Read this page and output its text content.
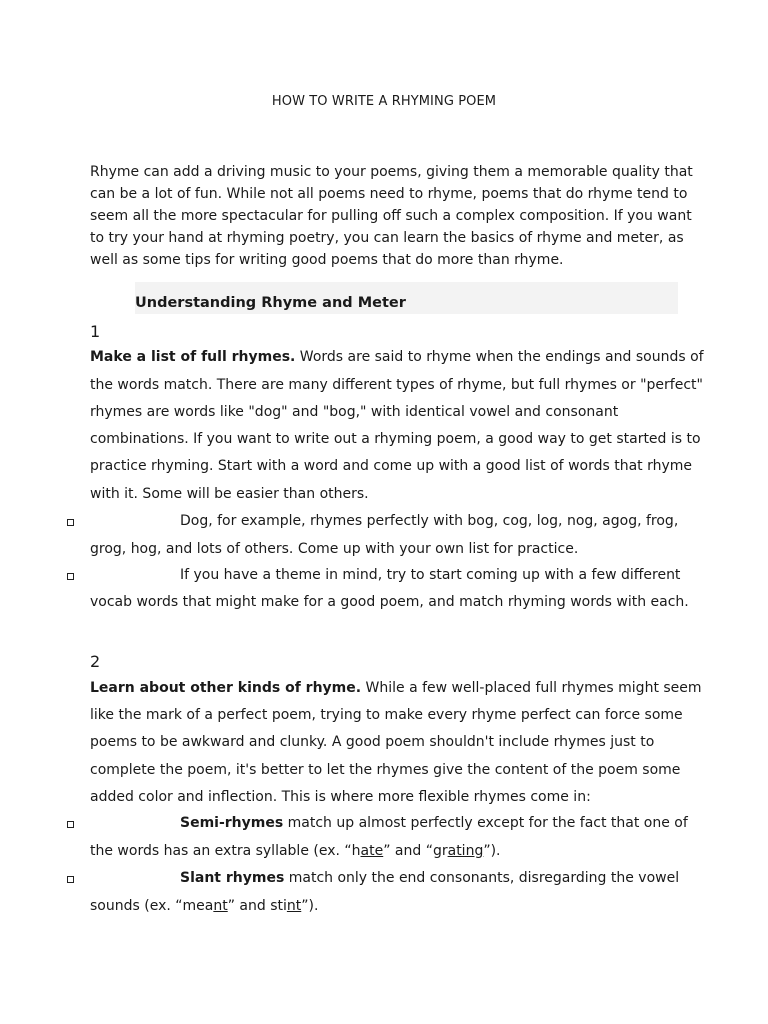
HOW TO WRITE A RHYMING POEM
Rhyme can add a driving music to your poems, giving them a memorable quality that
can be a lot of fun. While not all poems need to rhyme, poems that do rhyme tend to
seem all the more spectacular for pulling off such a complex composition. If you want
to try your hand at rhyming poetry, you can learn the basics of rhyme and meter, as
well as some tips for writing good poems that do more than rhyme.
Understanding Rhyme and Meter
1
Make a list of full rhymes. Words are said to rhyme when the endings and sounds of
the words match. There are many different types of rhyme, but full rhymes or "perfect"
rhymes are words like "dog" and "bog," with identical vowel and consonant
combinations. If you want to write out a rhyming poem, a good way to get started is to
practice rhyming. Start with a word and come up with a good list of words that rhyme
with it. Some will be easier than others.
Dog, for example, rhymes perfectly with bog, cog, log, nog, agog, frog,
grog, hog, and lots of others. Come up with your own list for practice.
If you have a theme in mind, try to start coming up with a few different
vocab words that might make for a good poem, and match rhyming words with each.
2
Learn about other kinds of rhyme. While a few well-placed full rhymes might seem
like the mark of a perfect poem, trying to make every rhyme perfect can force some
poems to be awkward and clunky. A good poem shouldn't include rhymes just to
complete the poem, it's better to let the rhymes give the content of the poem some
added color and inflection. This is where more flexible rhymes come in:
Semi-rhymes match up almost perfectly except for the fact that one of
the words has an extra syllable (ex. “hate” and “grating”).
Slant rhymes match only the end consonants, disregarding the vowel
sounds (ex. “meant” and stint”).
